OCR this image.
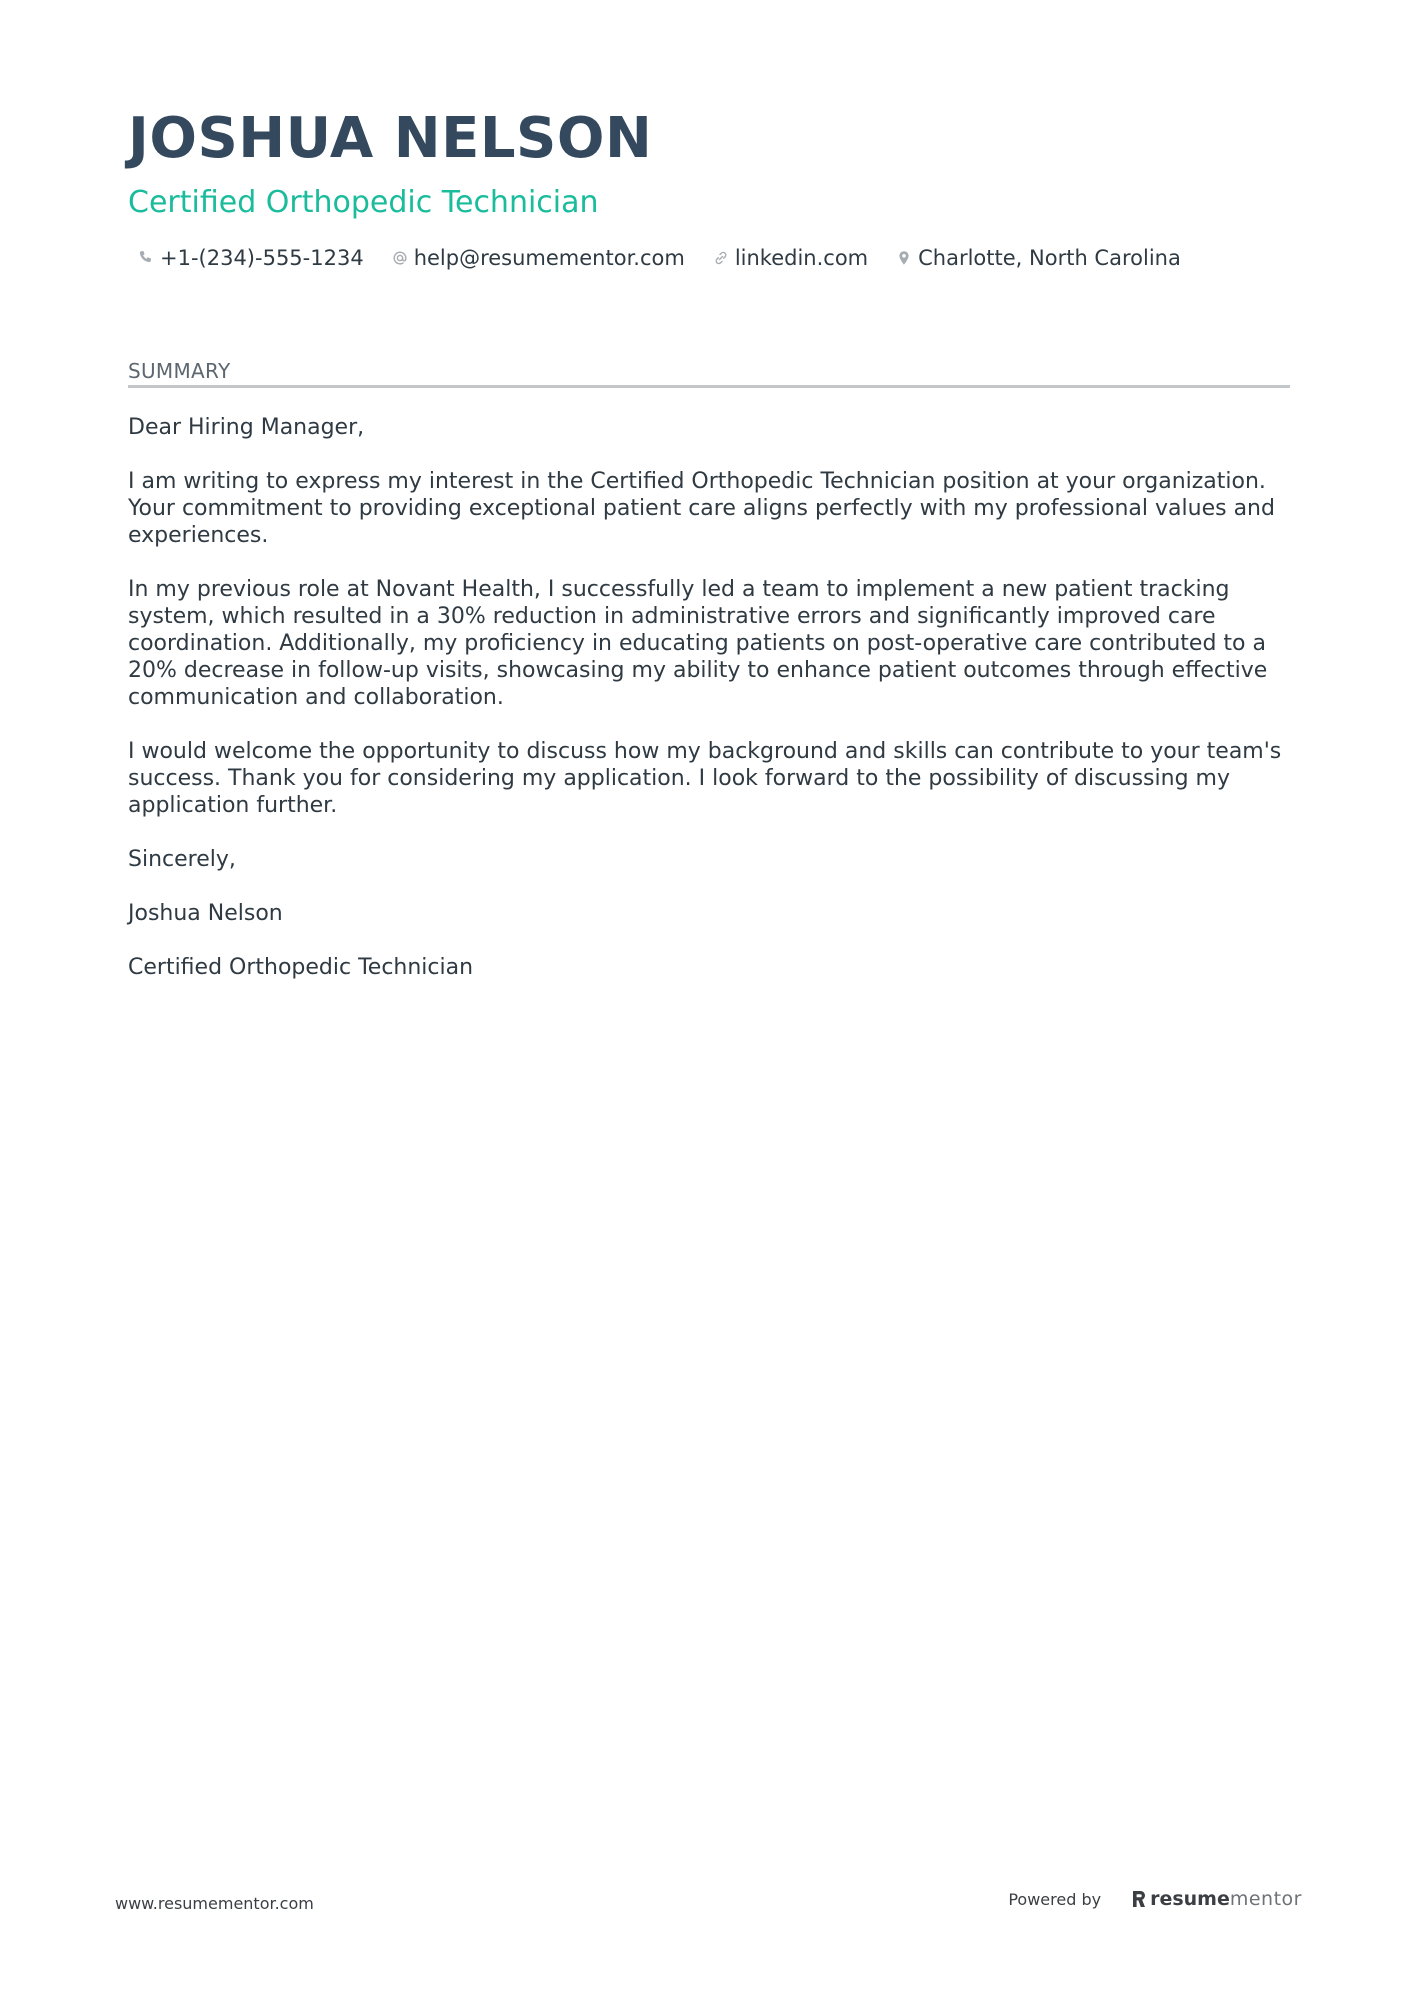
JOSHUA NELSON
Certified Orthopedic Technician
+1-(234)-555-1234 help@resumementor.com linkedin.com Charlotte, North Carolina
SUMMARY

Dear Hiring Manager,

I am writing to express my interest in the Certified Orthopedic Technician position at your organization. Your commitment to providing exceptional patient care aligns perfectly with my professional values and experiences.

In my previous role at Novant Health, I successfully led a team to implement a new patient tracking system, which resulted in a 30% reduction in administrative errors and significantly improved care coordination. Additionally, my proficiency in educating patients on post-operative care contributed to a 20% decrease in follow-up visits, showcasing my ability to enhance patient outcomes through effective communication and collaboration.

I would welcome the opportunity to discuss how my background and skills can contribute to your team's success. Thank you for considering my application. I look forward to the possibility of discussing my application further.

Sincerely,

Joshua Nelson

Certified Orthopedic Technician

www.resumementor.com	Powered by	resume mentor
